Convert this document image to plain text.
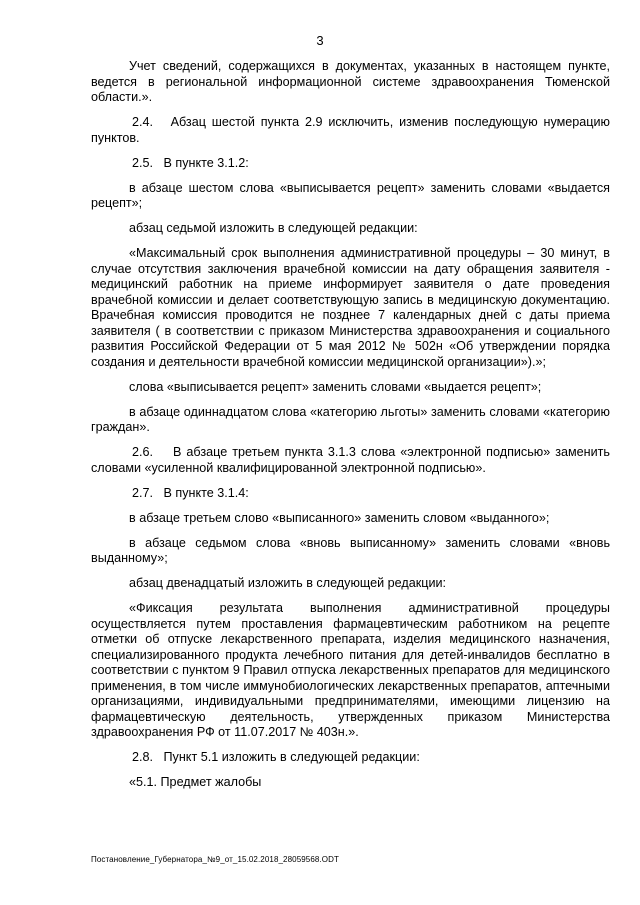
3

Учет сведений, содержащихся в документах, указанных в настоящем пункте, ведется в региональной информационной системе здравоохранения Тюменской области.».

2.4.   Абзац шестой пункта 2.9 исключить, изменив последующую нумерацию пунктов.

2.5.   В пункте 3.1.2:

в абзаце шестом слова «выписывается рецепт» заменить словами «выдается рецепт»;

абзац седьмой изложить в следующей редакции:

«Максимальный срок выполнения административной процедуры – 30 минут, в случае отсутствия заключения врачебной комиссии на дату обращения заявителя - медицинский работник на приеме информирует заявителя о дате проведения врачебной комиссии и делает соответствующую запись в медицинскую документацию. Врачебная комиссия проводится не позднее 7 календарных дней с даты приема заявителя ( в соответствии с приказом Министерства здравоохранения и социального развития Российской Федерации от 5 мая 2012 № 502н «Об утверждении порядка создания и деятельности врачебной комиссии медицинской организации»).»;

слова «выписывается рецепт» заменить словами «выдается рецепт»;

в абзаце одиннадцатом слова «категорию льготы» заменить словами «категорию граждан».

2.6.    В абзаце третьем пункта 3.1.3 слова «электронной подписью» заменить словами «усиленной квалифицированной электронной подписью».

2.7.   В пункте 3.1.4:

в абзаце третьем слово «выписанного» заменить словом «выданного»;

в абзаце седьмом слова «вновь выписанному» заменить словами «вновь выданному»;

абзац двенадцатый изложить в следующей редакции:

«Фиксация результата выполнения административной процедуры осуществляется путем проставления фармацевтическим работником на рецепте отметки об отпуске лекарственного препарата, изделия медицинского назначения, специализированного продукта лечебного питания для детей-инвалидов бесплатно в соответствии с пунктом 9 Правил отпуска лекарственных препаратов для медицинского применения, в том числе иммунобиологических лекарственных препаратов, аптечными организациями, индивидуальными предпринимателями, имеющими лицензию на фармацевтическую деятельность, утвержденных приказом Министерства здравоохранения РФ от 11.07.2017 № 403н.».

2.8.   Пункт 5.1 изложить в следующей редакции:

«5.1. Предмет жалобы

Постановление_Губернатора_№9_от_15.02.2018_28059568.ODT
